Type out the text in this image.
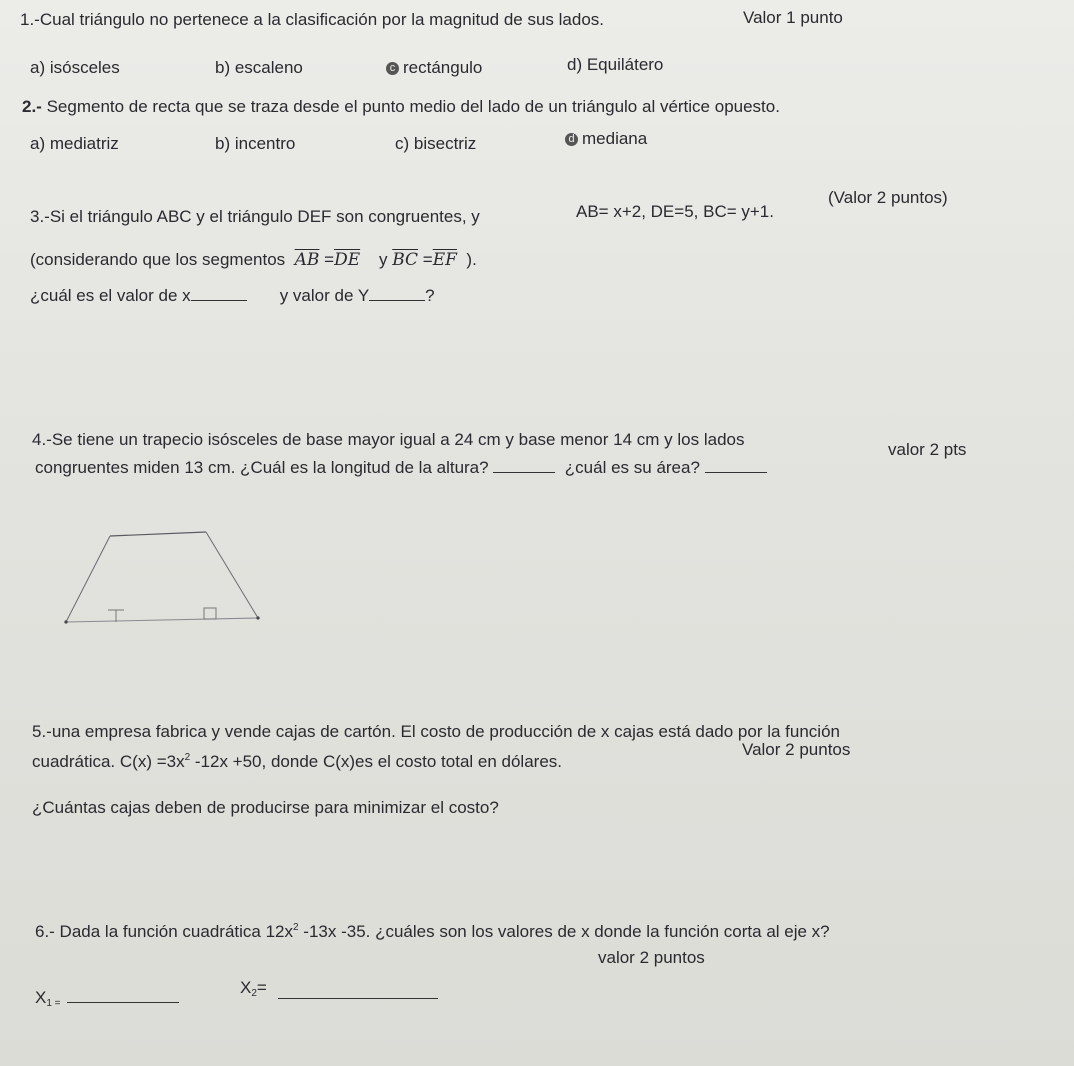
1.-Cual triángulo no pertenece a la clasificación por la magnitud de sus lados.	Valor 1 punto
a) isósceles	b) escaleno	c rectángulo	d) Equilátero
2.- Segmento de recta que se traza desde el punto medio del lado de un triángulo al vértice opuesto.
a) mediatriz	b) incentro	c) bisectriz	d mediana
3.-Si el triángulo ABC y el triángulo DEF son congruentes, y	AB= x+2, DE=5, BC= y+1.
(Valor 2 puntos)
(considerando que los segmentos $\overline{AB} =\overline{DE}$ y $\overline{BC} =\overline{EF}$ ).
¿cuál es el valor de x	y valor de Y	?
4.-Se tiene un trapecio isósceles de base mayor igual a 24 cm y base menor 14 cm y los lados
congruentes miden 13 cm. ¿Cuál es la longitud de la altura?	¿cuál es su área?
valor 2 pts
5.-una empresa fabrica y vende cajas de cartón. El costo de producción de x cajas está dado por la función
cuadrática. $C(x) =3x^2$ -12x +50, donde C(x)es el costo total en dólares.
Valor 2 puntos
¿Cuántas cajas deben de producirse para minimizar el costo?
6.- Dada la función cuadrática $12x^2$ -13x -35. ¿cuáles son los valores de x donde la función corta al eje x?
valor 2 puntos
$X_{1 =}$
$X_2=$
